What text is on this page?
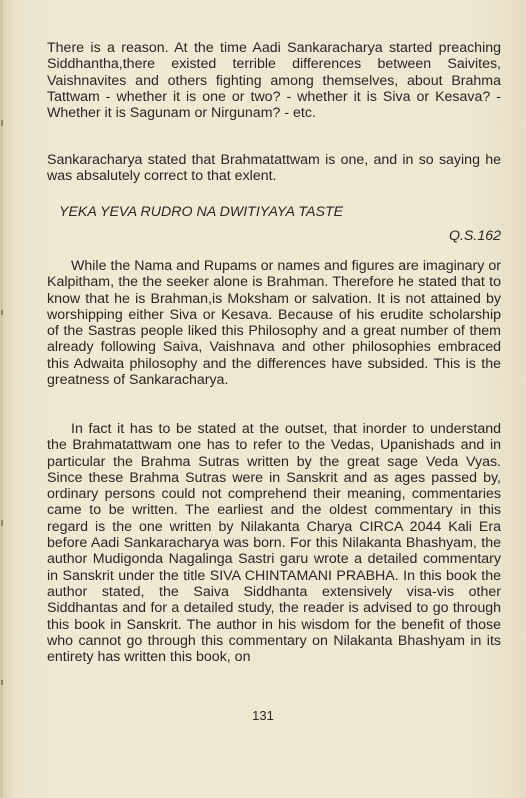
There is a reason. At the time Aadi Sankaracharya started preaching Siddhantha,there existed terrible differences between Saivites, Vaishnavites and others fighting among themselves, about Brahma Tattwam - whether it is one or two? - whether it is Siva or Kesava? - Whether it is Sagunam or Nirgunam? - etc.

Sankaracharya stated that Brahmatattwam is one, and in so saying he was absalutely correct to that exlent.

YEKA YEVA RUDRO NA DWITIYAYA TASTE

Q.S.162

While the Nama and Rupams or names and figures are imaginary or Kalpitham, the the seeker alone is Brahman. Therefore he stated that to know that he is Brahman,is Moksham or salvation. It is not attained by worshipping either Siva or Kesava. Because of his erudite scholarship of the Sastras people liked this Philosophy and a great number of them already following Saiva, Vaishnava and other philosophies embraced this Adwaita philosophy and the differences have subsided. This is the greatness of Sankaracharya.

In fact it has to be stated at the outset, that inorder to understand the Brahmatattwam one has to refer to the Vedas, Upanishads and in particular the Brahma Sutras written by the great sage Veda Vyas. Since these Brahma Sutras were in Sanskrit and as ages passed by, ordinary persons could not comprehend their meaning, commentaries came to be written. The earliest and the oldest commentary in this regard is the one written by Nilakanta Charya CIRCA 2044 Kali Era before Aadi Sankaracharya was born. For this Nilakanta Bhashyam, the author Mudigonda Nagalinga Sastri garu wrote a detailed commentary in Sanskrit under the title SIVA CHINTAMANI PRABHA. In this book the author stated, the Saiva Siddhanta extensively visa-vis other Siddhantas and for a detailed study, the reader is advised to go through this book in Sanskrit. The author in his wisdom for the benefit of those who cannot go through this commentary on Nilakanta Bhashyam in its entirety has written this book, on

131
